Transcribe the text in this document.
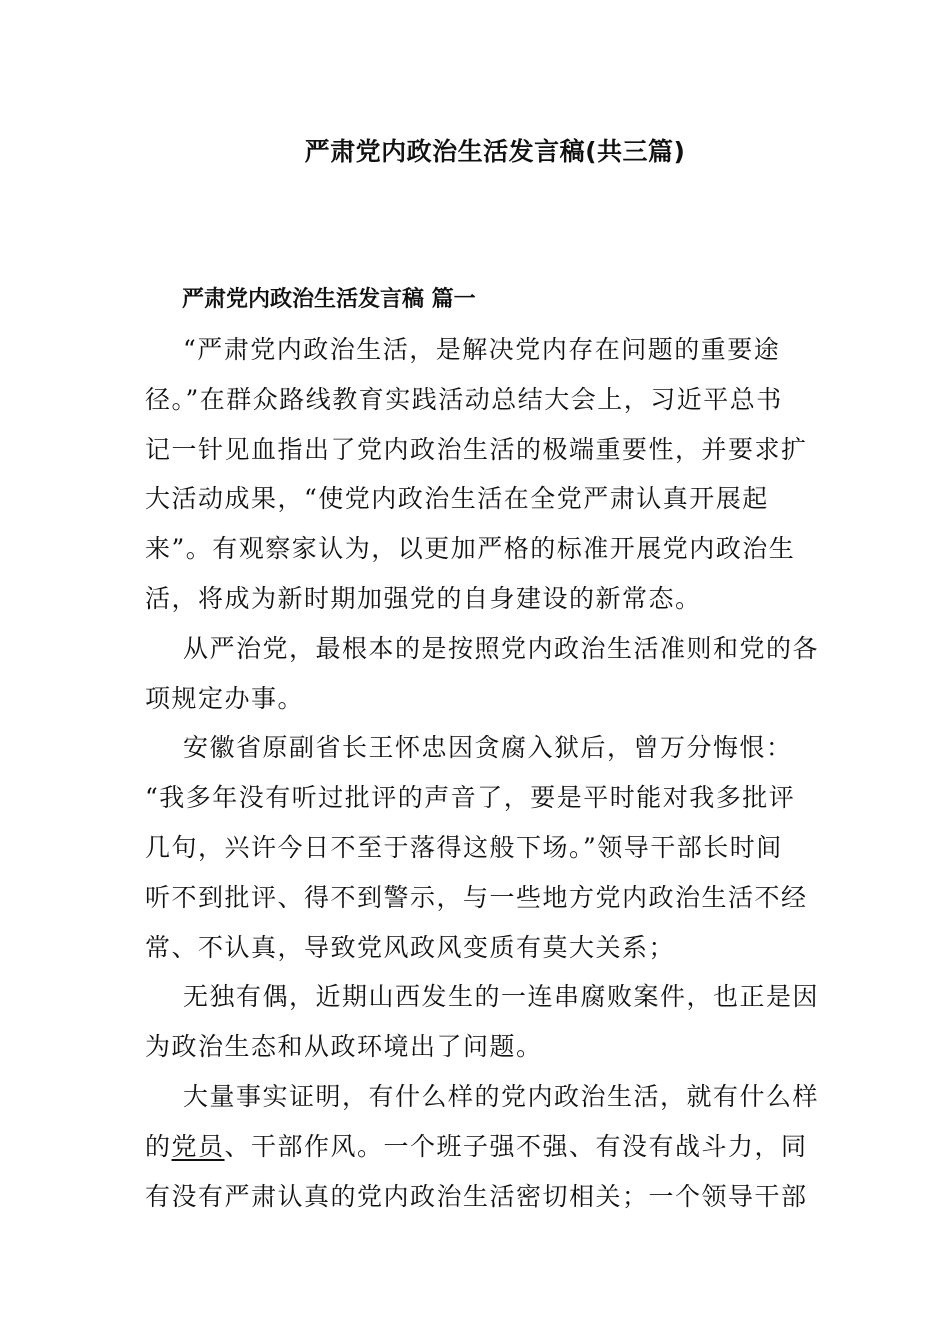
严肃党内政治生活发言稿(共三篇)
严肃党内政治生活发言稿 篇一
“严肃党内政治生活，是解决党内存在问题的重要途
径。”在群众路线教育实践活动总结大会上，习近平总书
记一针见血指出了党内政治生活的极端重要性，并要求扩
大活动成果，“使党内政治生活在全党严肃认真开展起
来”。有观察家认为，以更加严格的标准开展党内政治生
活，将成为新时期加强党的自身建设的新常态。
从严治党，最根本的是按照党内政治生活准则和党的各
项规定办事。
安徽省原副省长王怀忠因贪腐入狱后，曾万分悔恨：
“我多年没有听过批评的声音了，要是平时能对我多批评
几句，兴许今日不至于落得这般下场。”领导干部长时间
听不到批评、得不到警示，与一些地方党内政治生活不经
常、不认真，导致党风政风变质有莫大关系；
无独有偶，近期山西发生的一连串腐败案件，也正是因
为政治生态和从政环境出了问题。
大量事实证明，有什么样的党内政治生活，就有什么样
的党员、干部作风。一个班子强不强、有没有战斗力，同
有没有严肃认真的党内政治生活密切相关；一个领导干部
